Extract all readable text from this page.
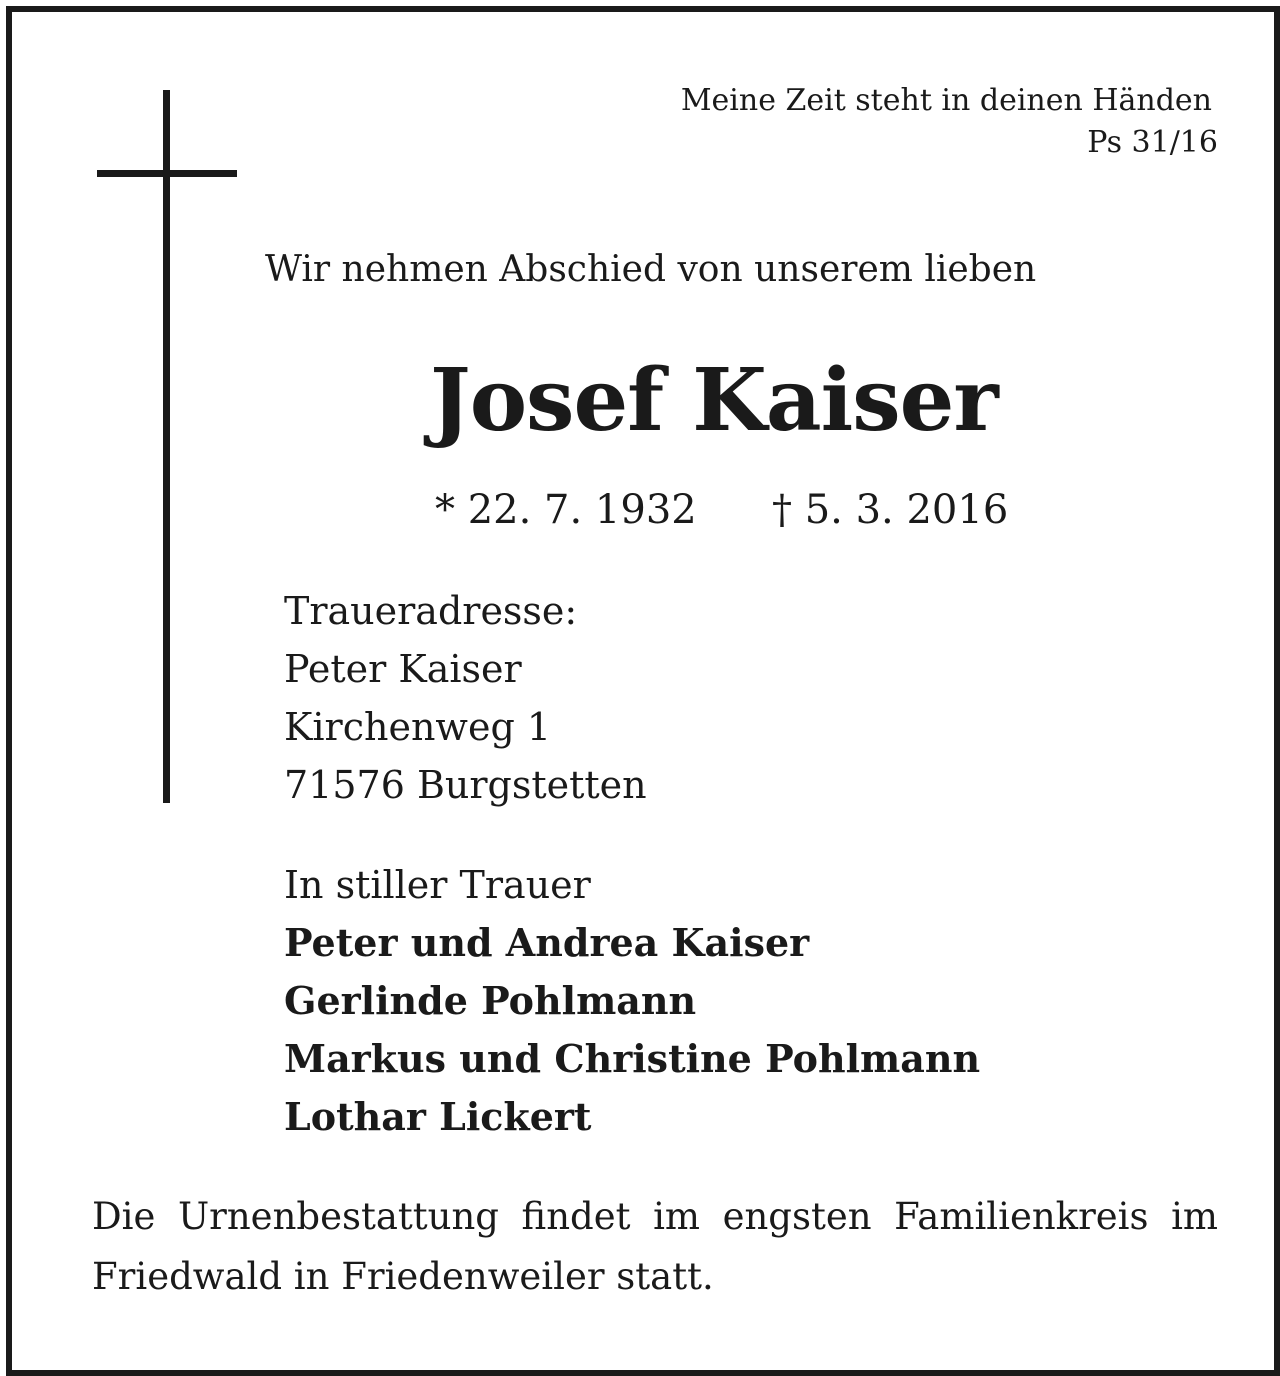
Meine Zeit steht in deinen Händen
Ps 31/16
Wir nehmen Abschied von unserem lieben
Josef Kaiser
* 22. 7. 1932 † 5. 3. 2016
Traueradresse:
Peter Kaiser
Kirchenweg 1
71576 Burgstetten
In stiller Trauer
Peter und Andrea Kaiser
Gerlinde Pohlmann
Markus und Christine Pohlmann
Lothar Lickert
Die Urnenbestattung findet im engsten Familienkreis im Friedwald in Friedenweiler statt.
